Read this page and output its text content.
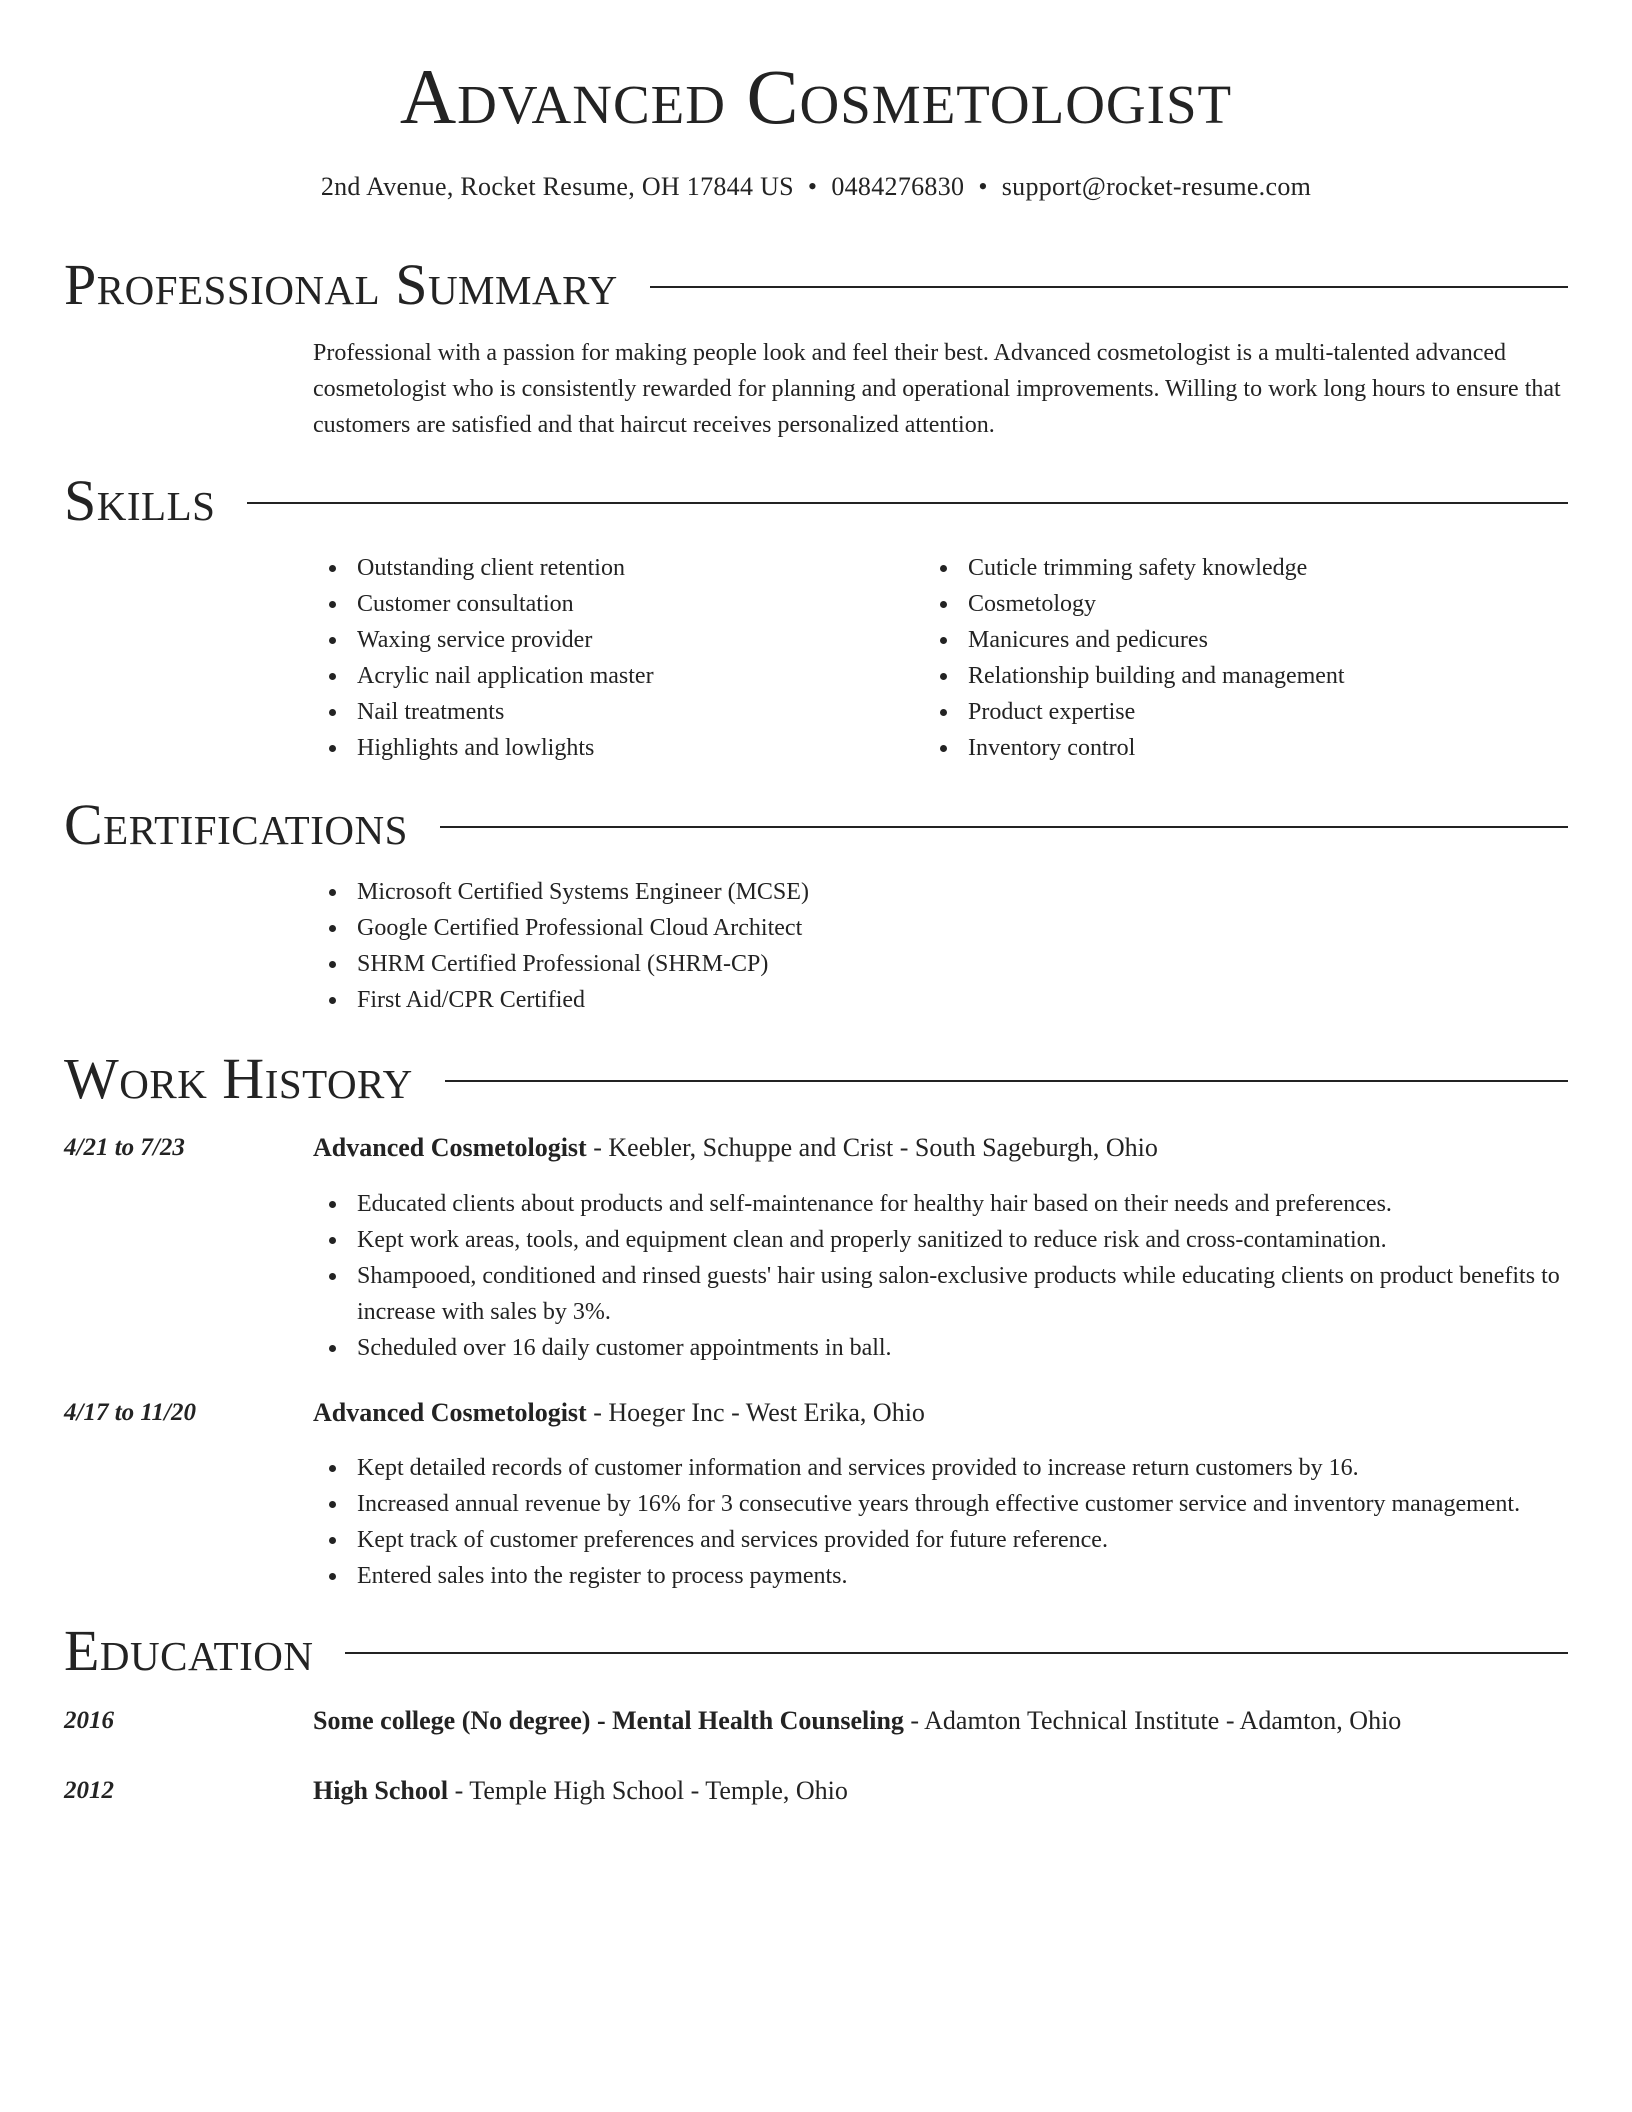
Advanced Cosmetologist
2nd Avenue, Rocket Resume, OH 17844 US • 0484276830 • support@rocket-resume.com
Professional Summary
Professional with a passion for making people look and feel their best. Advanced cosmetologist is a multi-talented advanced cosmetologist who is consistently rewarded for planning and operational improvements. Willing to work long hours to ensure that customers are satisfied and that haircut receives personalized attention.
Skills
Outstanding client retention
Customer consultation
Waxing service provider
Acrylic nail application master
Nail treatments
Highlights and lowlights
Cuticle trimming safety knowledge
Cosmetology
Manicures and pedicures
Relationship building and management
Product expertise
Inventory control
Certifications
Microsoft Certified Systems Engineer (MCSE)
Google Certified Professional Cloud Architect
SHRM Certified Professional (SHRM-CP)
First Aid/CPR Certified
Work History
4/21 to 7/23	Advanced Cosmetologist - Keebler, Schuppe and Crist - South Sageburgh, Ohio
Educated clients about products and self-maintenance for healthy hair based on their needs and preferences.
Kept work areas, tools, and equipment clean and properly sanitized to reduce risk and cross-contamination.
Shampooed, conditioned and rinsed guests' hair using salon-exclusive products while educating clients on product benefits to increase with sales by 3%.
Scheduled over 16 daily customer appointments in ball.
4/17 to 11/20	Advanced Cosmetologist - Hoeger Inc - West Erika, Ohio
Kept detailed records of customer information and services provided to increase return customers by 16.
Increased annual revenue by 16% for 3 consecutive years through effective customer service and inventory management.
Kept track of customer preferences and services provided for future reference.
Entered sales into the register to process payments.
Education
2016	Some college (No degree) - Mental Health Counseling - Adamton Technical Institute - Adamton, Ohio
2012	High School - Temple High School - Temple, Ohio
